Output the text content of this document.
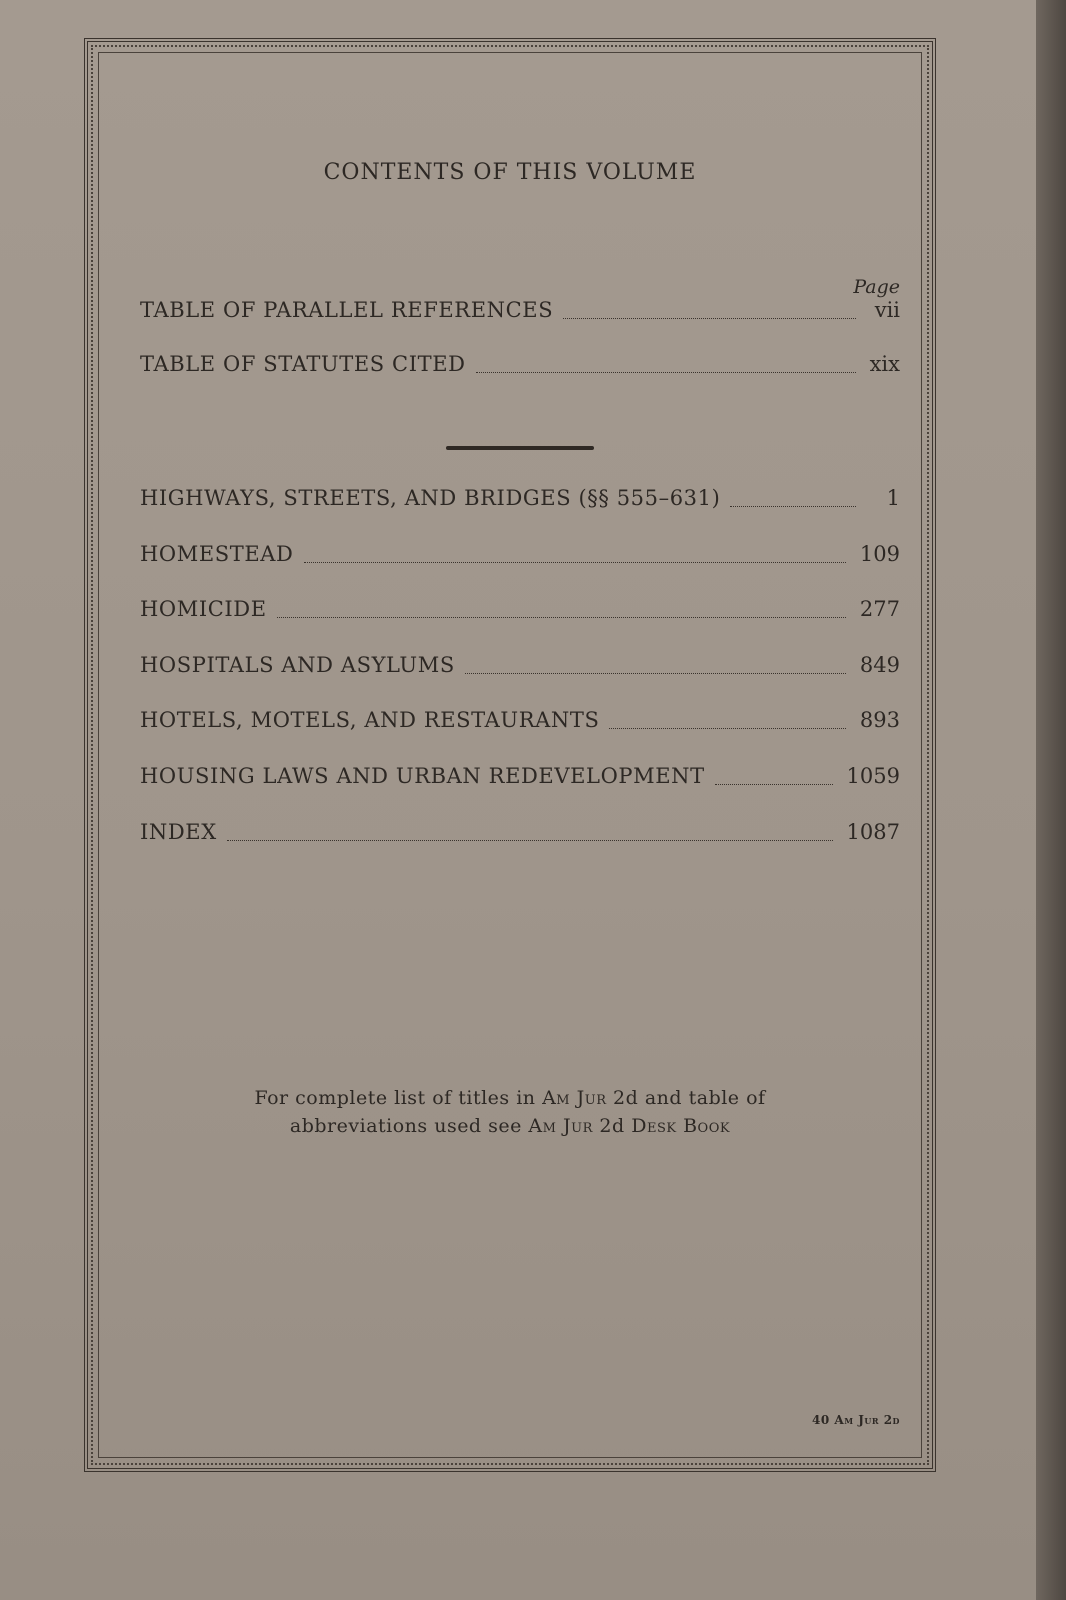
CONTENTS OF THIS VOLUME
Page
TABLE OF PARALLEL REFERENCES	vii
TABLE OF STATUTES CITED	xix
HIGHWAYS, STREETS, AND BRIDGES (§§ 555–631)	1
HOMESTEAD	109
HOMICIDE	277
HOSPITALS AND ASYLUMS	849
HOTELS, MOTELS, AND RESTAURANTS	893
HOUSING LAWS AND URBAN REDEVELOPMENT	1059
INDEX	1087
For complete list of titles in Am Jur 2d and table of
abbreviations used see Am Jur 2d Desk Book
40 Am Jur 2d
